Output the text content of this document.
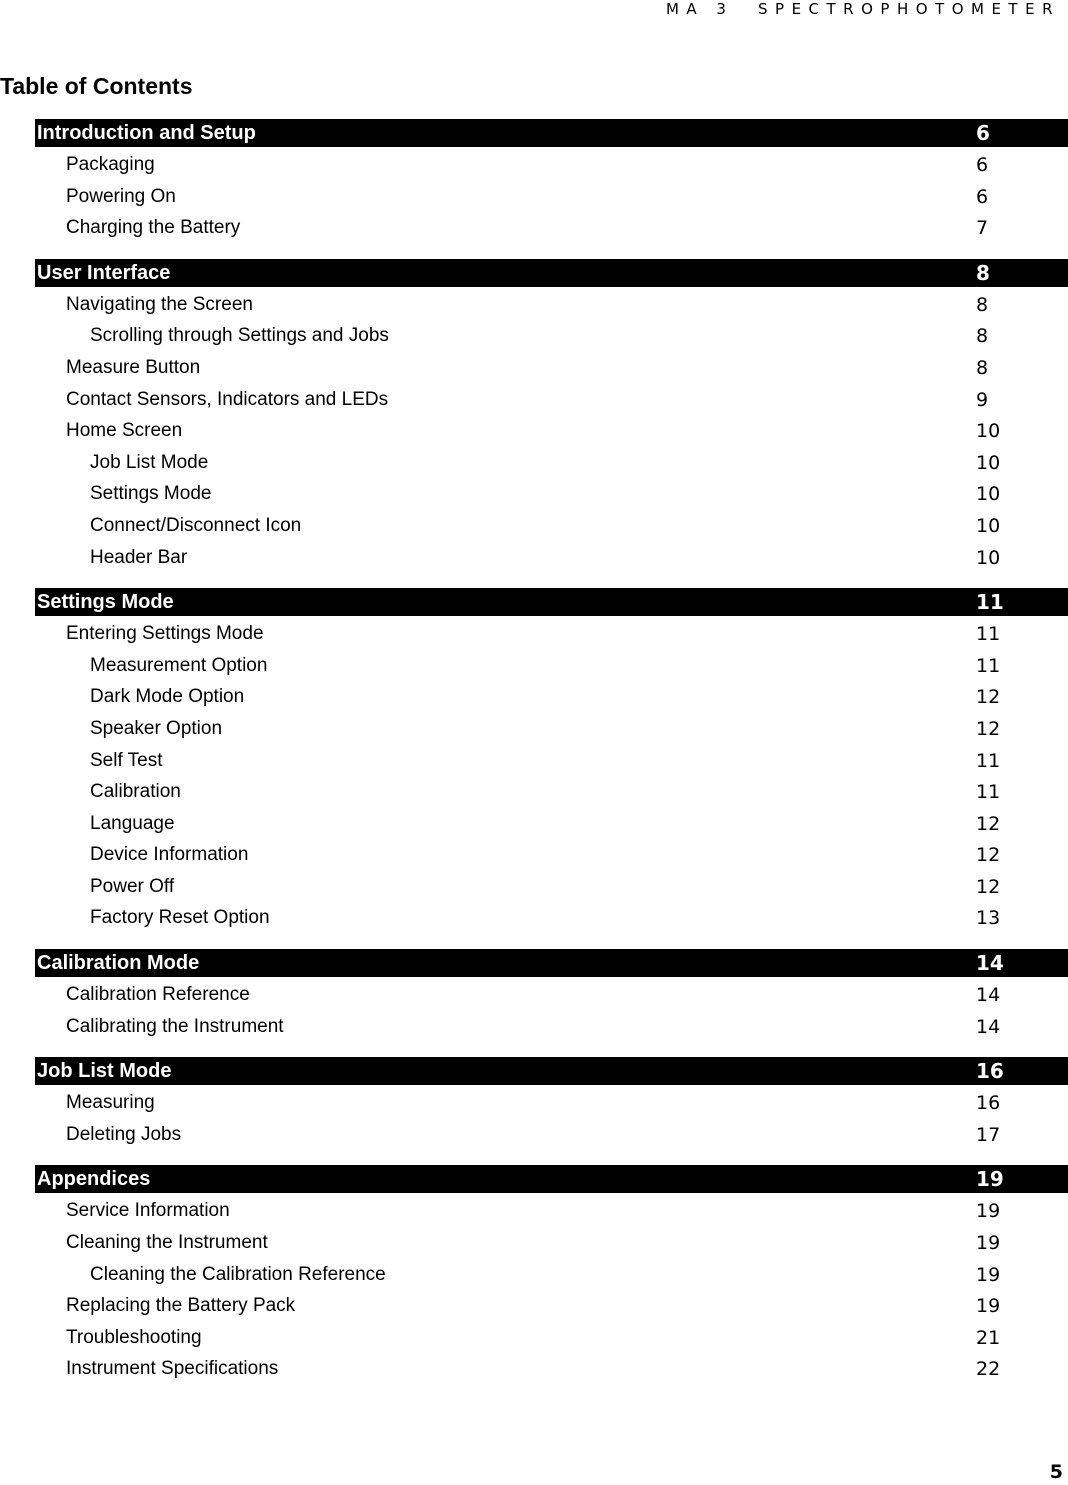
MA 3  SPECTROPHOTOMETER
Table of Contents
Introduction and Setup	6
Packaging	6
Powering On	6
Charging the Battery	7
User Interface	8
Navigating the Screen	8
Scrolling through Settings and Jobs	8
Measure Button	8
Contact Sensors, Indicators and LEDs	9
Home Screen	10
Job List Mode	10
Settings Mode	10
Connect/Disconnect Icon	10
Header Bar	10
Settings Mode	11
Entering Settings Mode	11
Measurement Option	11
Dark Mode Option	12
Speaker Option	12
Self Test	11
Calibration	11
Language	12
Device Information	12
Power Off	12
Factory Reset Option	13
Calibration Mode	14
Calibration Reference	14
Calibrating the Instrument	14
Job List Mode	16
Measuring	16
Deleting Jobs	17
Appendices	19
Service Information	19
Cleaning the Instrument	19
Cleaning the Calibration Reference	19
Replacing the Battery Pack	19
Troubleshooting	21
Instrument Specifications	22
5
